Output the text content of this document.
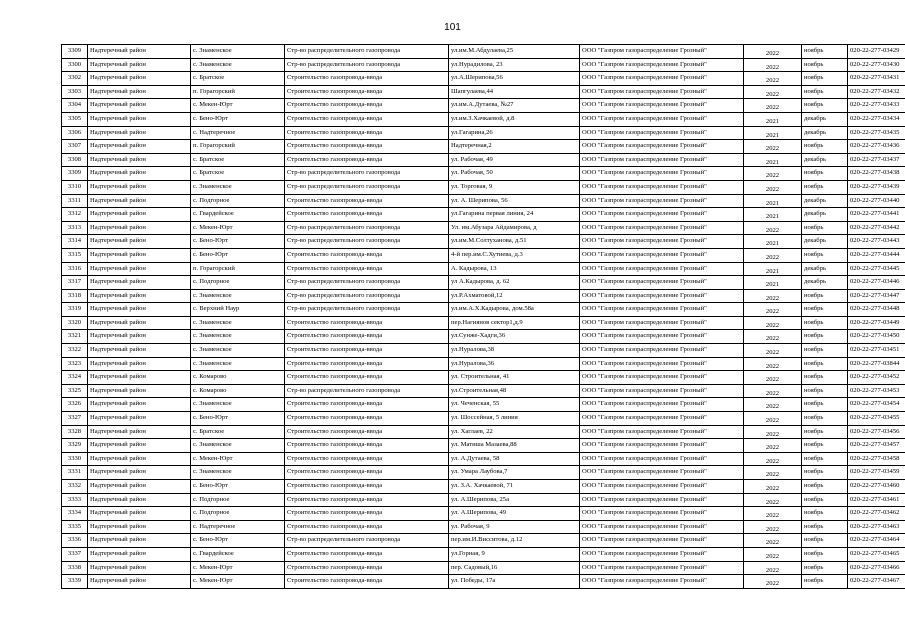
101
3309	Надтеречный район	с. Знаменское	Стр-во распределительного газопровода	ул.им.М.Абдулаева,25	ООО "Газпром газораспределение Грозный"	2022	ноябрь	020-22-277-03429
3300	Надтеречный район	с. Знаменское	Стр-во распределительного газопровода	ул.Нурадилова, 23	ООО "Газпром газораспределение Грозный"	2022	ноябрь	020-22-277-03430
3302	Надтеречный район	с. Братское	Строительство газопровода-ввода	ул.А.Шерипова,56	ООО "Газпром газораспределение Грозный"	2022	ноябрь	020-22-277-03431
3303	Надтеречный район	п. Горагорский	Строительство газопровода-ввода	Шапгулаева,44	ООО "Газпром газораспределение Грозный"	2022	ноябрь	020-22-277-03432
3304	Надтеречный район	с. Мекен-Юрт	Строительство газопровода-ввода	ул.им.А.Дутаева, №27	ООО "Газпром газораспределение Грозный"	2022	ноябрь	020-22-277-03433
3305	Надтеречный район	с. Бено-Юрт	Строительство газопровода-ввода	ул.им.З.Хачкаевой, д.8	ООО "Газпром газораспределение Грозный"	2021	декабрь	020-22-277-03434
3306	Надтеречный район	с. Надтеречное	Строительство газопровода-ввода	ул.Гагарина,26	ООО "Газпром газораспределение Грозный"	2021	декабрь	020-22-277-03435
3307	Надтеречный район	п. Горагорский	Строительство газопровода-ввода	Надтеречная,2	ООО "Газпром газораспределение Грозный"	2022	ноябрь	020-22-277-03436
3308	Надтеречный район	с. Братское	Строительство газопровода-ввода	ул. Рабочая, 49	ООО "Газпром газораспределение Грозный"	2021	декабрь	020-22-277-03437
3309	Надтеречный район	с. Братское	Стр-во распределительного газопровода	ул. Рабочая, 50	ООО "Газпром газораспределение Грозный"	2022	ноябрь	020-22-277-03438
3310	Надтеречный район	с. Знаменское	Стр-во распределительного газопровода	ул. Торговая, 9	ООО "Газпром газораспределение Грозный"	2022	ноябрь	020-22-277-03439
3311	Надтеречный район	с. Подгорное	Строительство газопровода-ввода	ул. А. Шерипова, 56	ООО "Газпром газораспределение Грозный"	2021	декабрь	020-22-277-03440
3312	Надтеречный район	с. Гвардейское	Строительство газопровода-ввода	ул.Гагарина первая линия, 24	ООО "Газпром газораспределение Грозный"	2021	декабрь	020-22-277-03441
3313	Надтеречный район	с. Мекен-Юрт	Стр-во распределительного газопровода	Ул. им.Абузара Айдамирова, д	ООО "Газпром газораспределение Грозный"	2022	ноябрь	020-22-277-03442
3314	Надтеречный район	с. Бено-Юрт	Стр-во распределительного газопровода	ул.им.М.Солтуханова, д.51	ООО "Газпром газораспределение Грозный"	2021	декабрь	020-22-277-03443
3315	Надтеречный район	с. Бено-Юрт	Строительство газопровода-ввода	4-й пер.им.С.Хутиева, д.3	ООО "Газпром газораспределение Грозный"	2022	ноябрь	020-22-277-03444
3316	Надтеречный район	п. Горагорский	Строительство газопровода-ввода	А. Кадырова, 13	ООО "Газпром газораспределение Грозный"	2021	декабрь	020-22-277-03445
3317	Надтеречный район	с. Подгорное	Стр-во распределительного газопровода	ул А.Кадырова, д. 62	ООО "Газпром газораспределение Грозный"	2021	декабрь	020-22-277-03446
3318	Надтеречный район	с. Знаменское	Стр-во распределительного газопровода	ул.Р.Ахматовой,12	ООО "Газпром газораспределение Грозный"	2022	ноябрь	020-22-277-03447
3319	Надтеречный район	с. Верхний Наур	Стр-во распределительного газопровода	ул.им.А.Х.Кадырова, дом.58а	ООО "Газпром газораспределение Грозный"	2022	ноябрь	020-22-277-03448
3320	Надтеречный район	с. Знаменское	Строительство газопровода-ввода	пер.Нагиянов сектор1,д.9	ООО "Газпром газораспределение Грозный"	2022	ноябрь	020-22-277-03449
3321	Надтеречный район	с. Знаменское	Строительство газопровода-ввода	ул.Сунже-Хадги,36	ООО "Газпром газораспределение Грозный"	2022	ноябрь	020-22-277-03450
3322	Надтеречный район	с. Знаменское	Строительство газопровода-ввода	ул.Нуралова,38	ООО "Газпром газораспределение Грозный"	2022	ноябрь	020-22-277-03451
3323	Надтеречный район	с. Знаменское	Строительство газопровода-ввода	ул.Нуралова,36	ООО "Газпром газораспределение Грозный"	2022	ноябрь	020-22-277-03844
3324	Надтеречный район	с. Комарово	Строительство газопровода-ввода	ул. Строительная, 41	ООО "Газпром газораспределение Грозный"	2022	ноябрь	020-22-277-03452
3325	Надтеречный район	с. Комарово	Стр-во распределительного газопровода	ул.Строительная,48	ООО "Газпром газораспределение Грозный"	2022	ноябрь	020-22-277-03453
3326	Надтеречный район	с. Знаменское	Строительство газопровода-ввода	ул. Чеченская, 55	ООО "Газпром газораспределение Грозный"	2022	ноябрь	020-22-277-03454
3327	Надтеречный район	с. Бено-Юрт	Строительство газопровода-ввода	ул. Шоссейная, 5 линия	ООО "Газпром газораспределение Грозный"	2022	ноябрь	020-22-277-03455
3328	Надтеречный район	с. Братское	Строительство газопровода-ввода	ул. Хаглаев, 22	ООО "Газпром газораспределение Грозный"	2022	ноябрь	020-22-277-03456
3329	Надтеречный район	с. Знаменское	Строительство газопровода-ввода	ул. Матиша Мазаева,88	ООО "Газпром газораспределение Грозный"	2022	ноябрь	020-22-277-03457
3330	Надтеречный район	с. Мекен-Юрт	Строительство газопровода-ввода	ул. А.Дутаева, 58	ООО "Газпром газораспределение Грозный"	2022	ноябрь	020-22-277-03458
3331	Надтеречный район	с. Знаменское	Строительство газопровода-ввода	ул. Умара Лаубова,7	ООО "Газпром газораспределение Грозный"	2022	ноябрь	020-22-277-03459
3332	Надтеречный район	с. Бено-Юрт	Строительство газопровода-ввода	ул. З.А. Хачкаевой, 71	ООО "Газпром газораспределение Грозный"	2022	ноябрь	020-22-277-03460
3333	Надтеречный район	с. Подгорное	Строительство газопровода-ввода	ул. А.Шерипова, 25а	ООО "Газпром газораспределение Грозный"	2022	ноябрь	020-22-277-03461
3334	Надтеречный район	с. Подгорное	Строительство газопровода-ввода	ул. А.Шерипова, 49	ООО "Газпром газораспределение Грозный"	2022	ноябрь	020-22-277-03462
3335	Надтеречный район	с. Надтеречное	Строительство газопровода-ввода	ул. Рабочая, 9	ООО "Газпром газораспределение Грозный"	2022	ноябрь	020-22-277-03463
3336	Надтеречный район	с. Бено-Юрт	Стр-во распределительного газопровода	пер.им.И.Висситова, д.12	ООО "Газпром газораспределение Грозный"	2022	ноябрь	020-22-277-03464
3337	Надтеречный район	с. Гвардейское	Строительство газопровода-ввода	ул.Горная, 9	ООО "Газпром газораспределение Грозный"	2022	ноябрь	020-22-277-03465
3338	Надтеречный район	с. Мекен-Юрт	Строительство газопровода-ввода	пер. Садовый,16	ООО "Газпром газораспределение Грозный"	2022	ноябрь	020-22-277-03466
3339	Надтеречный район	с. Мекен-Юрт	Строительство газопровода-ввода	ул. Победы, 17а	ООО "Газпром газораспределение Грозный"	2022	ноябрь	020-22-277-03467
